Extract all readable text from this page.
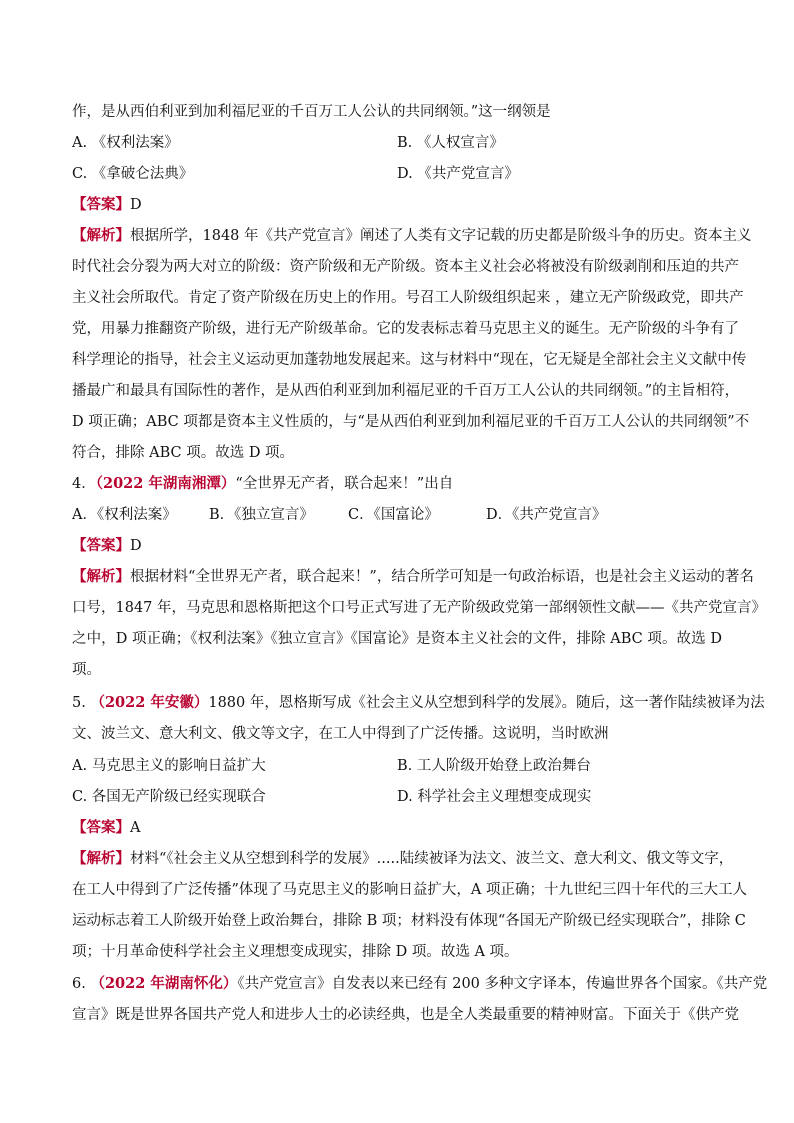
作，是从西伯利亚到加利福尼亚的千百万工人公认的共同纲领。”这一纲领是
A. 《权利法案》	B. 《人权宣言》
C. 《拿破仑法典》	D. 《共产党宣言》
【答案】D
【解析】根据所学，1848 年《共产党宣言》阐述了人类有文字记载的历史都是阶级斗争的历史。资本主义
时代社会分裂为两大对立的阶级：资产阶级和无产阶级。资本主义社会必将被没有阶级剥削和压迫的共产
主义社会所取代。肯定了资产阶级在历史上的作用。号召工人阶级组织起来 ，建立无产阶级政党，即共产
党，用暴力推翻资产阶级，进行无产阶级革命。它的发表标志着马克思主义的诞生。无产阶级的斗争有了
科学理论的指导，社会主义运动更加蓬勃地发展起来。这与材料中“现在，它无疑是全部社会主义文献中传
播最广和最具有国际性的著作，是从西伯利亚到加利福尼亚的千百万工人公认的共同纲领。”的主旨相符，
D 项正确；ABC 项都是资本主义性质的，与“是从西伯利亚到加利福尼亚的千百万工人公认的共同纲领”不
符合，排除 ABC 项。故选 D 项。
4．（2022 年湖南湘潭）“全世界无产者，联合起来！”出自
A．《权利法案》 B．《独立宣言》 C．《国富论》	D．《共产党宣言》
【答案】D
【解析】根据材料“全世界无产者，联合起来！”，结合所学可知是一句政治标语，也是社会主义运动的著名
口号，1847 年，马克思和恩格斯把这个口号正式写进了无产阶级政党第一部纲领性文献——《共产党宣言》
之中，D 项正确；《权利法案》《独立宣言》《国富论》是资本主义社会的文件，排除 ABC 项。故选 D
项。
5. （2022 年安徽）1880 年，恩格斯写成《社会主义从空想到科学的发展》。随后，这一著作陆续被译为法
文、波兰文、意大利文、俄文等文字，在工人中得到了广泛传播。这说明，当时欧洲
A. 马克思主义的影响日益扩大	B. 工人阶级开始登上政治舞台
C. 各国无产阶级已经实现联合	D. 科学社会主义理想变成现实
【答案】A
【解析】材料“《社会主义从空想到科学的发展》.....陆续被译为法文、波兰文、意大利文、俄文等文字，
在工人中得到了广泛传播”体现了马克思主义的影响日益扩大，A 项正确；十九世纪三四十年代的三大工人
运动标志着工人阶级开始登上政治舞台，排除 B 项；材料没有体现“各国无产阶级已经实现联合”，排除 C
项；十月革命使科学社会主义理想变成现实，排除 D 项。故选 A 项。
6. （2022 年湖南怀化）《共产党宣言》自发表以来已经有 200 多种文字译本，传遍世界各个国家。《共产党
宣言》既是世界各国共产党人和进步人士的必读经典，也是全人类最重要的精神财富。下面关于《供产党
